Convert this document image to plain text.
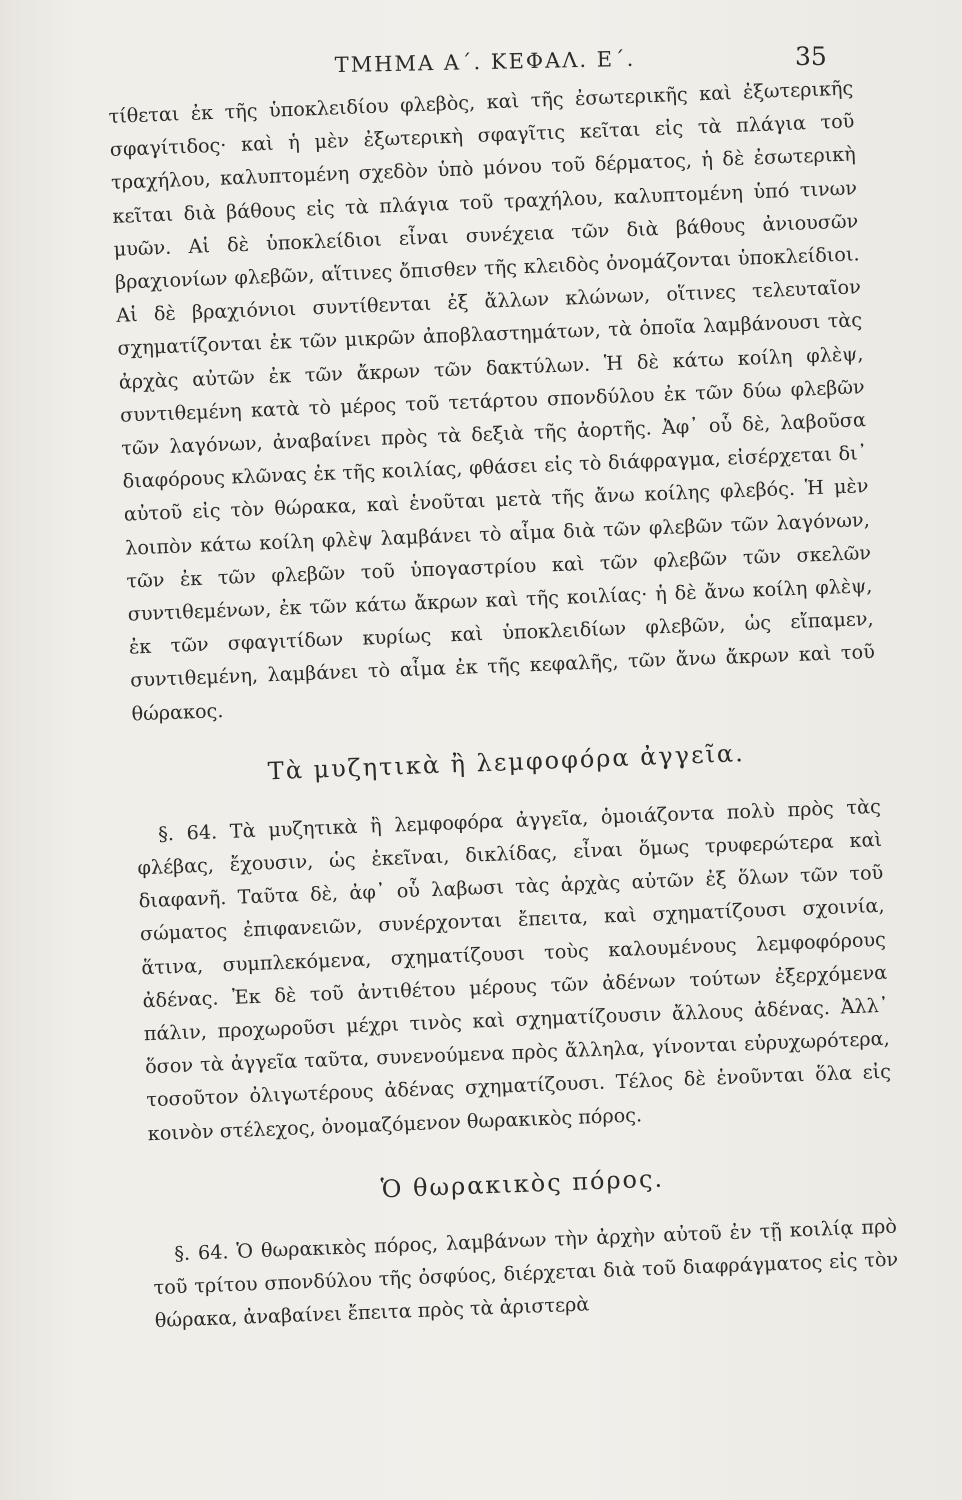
ΤΜΗΜΑ Α΄. ΚΕΦΑΛ. Ε΄.	35

τίθεται ἐκ τῆς ὑποκλειδίου φλεβὸς, καὶ τῆς ἐσωτερικῆς καὶ ἐξωτερικῆς σφαγίτιδος· καὶ ἡ μὲν ἐξωτερικὴ σφαγῖτις κεῖται εἰς τὰ πλάγια τοῦ τραχήλου, καλυπτομένη σχεδὸν ὑπὸ μόνου τοῦ δέρματος, ἡ δὲ ἐσωτερικὴ κεῖται διὰ βάθους εἰς τὰ πλάγια τοῦ τραχήλου, καλυπτομένη ὑπό τινων μυῶν. Αἱ δὲ ὑποκλείδιοι εἶναι συνέχεια τῶν διὰ βάθους ἀνιουσῶν βραχιονίων φλεβῶν, αἵτινες ὄπισθεν τῆς κλειδὸς ὀνομάζονται ὑποκλείδιοι. Αἱ δὲ βραχιόνιοι συντίθενται ἐξ ἄλλων κλώνων, οἵτινες τελευταῖον σχηματίζονται ἐκ τῶν μικρῶν ἀποβλαστημάτων, τὰ ὁποῖα λαμβάνουσι τὰς ἀρχὰς αὐτῶν ἐκ τῶν ἄκρων τῶν δακτύλων. Ἡ δὲ κάτω κοίλη φλὲψ, συντιθεμένη κατὰ τὸ μέρος τοῦ τετάρτου σπονδύλου ἐκ τῶν δύω φλεβῶν τῶν λαγόνων, ἀναβαίνει πρὸς τὰ δεξιὰ τῆς ἀορτῆς. Ἀφ᾽ οὗ δὲ, λαβοῦσα διαφόρους κλῶνας ἐκ τῆς κοιλίας, φθάσει εἰς τὸ διάφραγμα, εἰσέρχεται δι᾽ αὐτοῦ εἰς τὸν θώρακα, καὶ ἑνοῦται μετὰ τῆς ἄνω κοίλης φλεβός. Ἡ μὲν λοιπὸν κάτω κοίλη φλὲψ λαμβάνει τὸ αἷμα διὰ τῶν φλεβῶν τῶν λαγόνων, τῶν ἐκ τῶν φλεβῶν τοῦ ὑπογαστρίου καὶ τῶν φλεβῶν τῶν σκελῶν συντιθεμένων, ἐκ τῶν κάτω ἄκρων καὶ τῆς κοιλίας· ἡ δὲ ἄνω κοίλη φλὲψ, ἐκ τῶν σφαγιτίδων κυρίως καὶ ὑποκλειδίων φλεβῶν, ὡς εἴπαμεν, συντιθεμένη, λαμβάνει τὸ αἷμα ἐκ τῆς κεφαλῆς, τῶν ἄνω ἄκρων καὶ τοῦ θώρακος.

Τὰ μυζητικὰ ἢ λεμφοφόρα ἀγγεῖα.

§. 64. Τὰ μυζητικὰ ἢ λεμφοφόρα ἀγγεῖα, ὁμοιάζοντα πολὺ πρὸς τὰς φλέβας, ἔχουσιν, ὡς ἐκεῖναι, δικλίδας, εἶναι ὅμως τρυφερώτερα καὶ διαφανῆ. Ταῦτα δὲ, ἀφ᾽ οὗ λαβωσι τὰς ἀρχὰς αὐτῶν ἐξ ὅλων τῶν τοῦ σώματος ἐπιφανειῶν, συνέρχονται ἔπειτα, καὶ σχηματίζουσι σχοινία, ἅτινα, συμπλεκόμενα, σχηματίζουσι τοὺς καλουμένους λεμφοφόρους ἀδένας. Ἐκ δὲ τοῦ ἀντιθέτου μέρους τῶν ἀδένων τούτων ἐξερχόμενα πάλιν, προχωροῦσι μέχρι τινὸς καὶ σχηματίζουσιν ἄλλους ἀδένας. Ἀλλ᾽ ὅσον τὰ ἀγγεῖα ταῦτα, συνενούμενα πρὸς ἄλληλα, γίνονται εὐρυχωρότερα, τοσοῦτον ὀλιγωτέρους ἀδένας σχηματίζουσι. Τέλος δὲ ἑνοῦνται ὅλα εἰς κοινὸν στέλεχος, ὀνομαζόμενον θωρακικὸς πόρος.

Ὁ θωρακικὸς πόρος.

§. 64. Ὁ θωρακικὸς πόρος, λαμβάνων τὴν ἀρχὴν αὐτοῦ ἐν τῇ κοιλίᾳ πρὸ τοῦ τρίτου σπονδύλου τῆς ὀσφύος, διέρχεται διὰ τοῦ διαφράγματος εἰς τὸν θώρακα, ἀναβαίνει ἔπειτα πρὸς τὰ ἀριστερὰ
